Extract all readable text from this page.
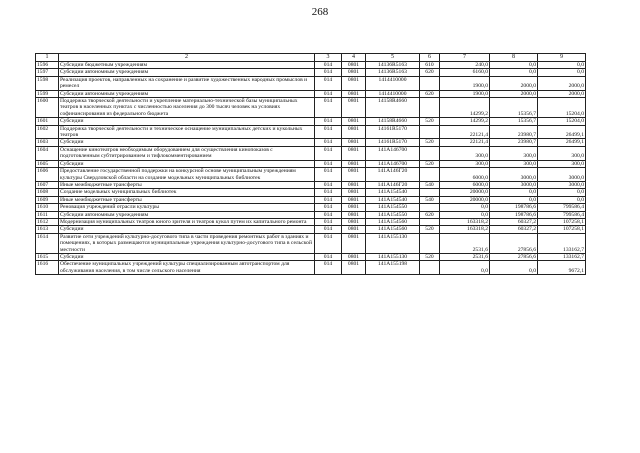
268
1	2	3	4	5	6	7	8	9
1596	Субсидии бюджетным учреждениям	014	0801	14136R5163	610	240,0	0,0	0,0
1597	Субсидии автономным учреждениям	014	0801	14136R5163	620	6160,0	0,0	0,0
1598	Реализация проектов, направленных на сохранение и развитие художественных народных промыслов и ремесел	014	0801	1414410000		1900,0	2000,0	2000,0
1599	Субсидии автономным учреждениям	014	0801	1414410000	620	1900,0	2000,0	2000,0
1600	Поддержка творческой деятельности и укрепление материально-технической базы муниципальных театров в населенных пунктах с численностью населения до 300 тысяч человек на условиях софинансирования из федерального бюджета	014	0801	14158R4660		14299,2	15356,7	15204,0
1601	Субсидии	014	0801	14158R4660	520	14299,2	15356,7	15204,0
1602	Поддержка творческой деятельности и техническое оснащение муниципальных детских и кукольных театров	014	0801	14161R5170		22121,4	23980,7	26499,1
1603	Субсидии	014	0801	14161R5170	520	22121,4	23980,7	26499,1
1604	Оснащение кинотеатров необходимым оборудованием для осуществления кинопоказов с подготовленным субтитрированием и тифлокомментированием	014	0801	141A146700		300,0	300,0	300,0
1605	Субсидии	014	0801	141A146700	520	300,0	300,0	300,0
1606	Предоставление государственной поддержки на конкурсной основе муниципальным учреждениям культуры Свердловской области на создание модельных муниципальных библиотек	014	0801	141A146Г20		6000,0	3000,0	3000,0
1607	Иные межбюджетные трансферты	014	0801	141A146Г20	540	6000,0	3000,0	3000,0
1608	Создание модельных муниципальных библиотек	014	0801	141A154540		20000,0	0,0	0,0
1609	Иные межбюджетные трансферты	014	0801	141A154540	540	20000,0	0,0	0,0
1610	Реновация учреждений отрасли культуры	014	0801	141A154550		0,0	198786,6	799586,4
1611	Субсидии автономным учреждениям	014	0801	141A154550	620	0,0	198786,6	799586,4
1612	Модернизация муниципальных театров юного зрителя и театров кукол путем их капитального ремонта	014	0801	141A154560		163318,2	60327,2	107258,1
1613	Субсидии	014	0801	141A154560	520	163318,2	60327,2	107258,1
1614	Развитие сети учреждений культурно-досугового типа в части проведения ремонтных работ в зданиях и помещениях, в которых размещаются муниципальные учреждения культурно-досугового типа в сельской местности	014	0801	141A155130		2531,6	27856,6	133162,7
1615	Субсидии	014	0801	141A155130	520	2531,6	27856,6	133162,7
1616	Обеспечение муниципальных учреждений культуры специализированным автотранспортом для обслуживания населения, в том числе сельского населения	014	0801	141A155198		0,0	0,0	9672,1
